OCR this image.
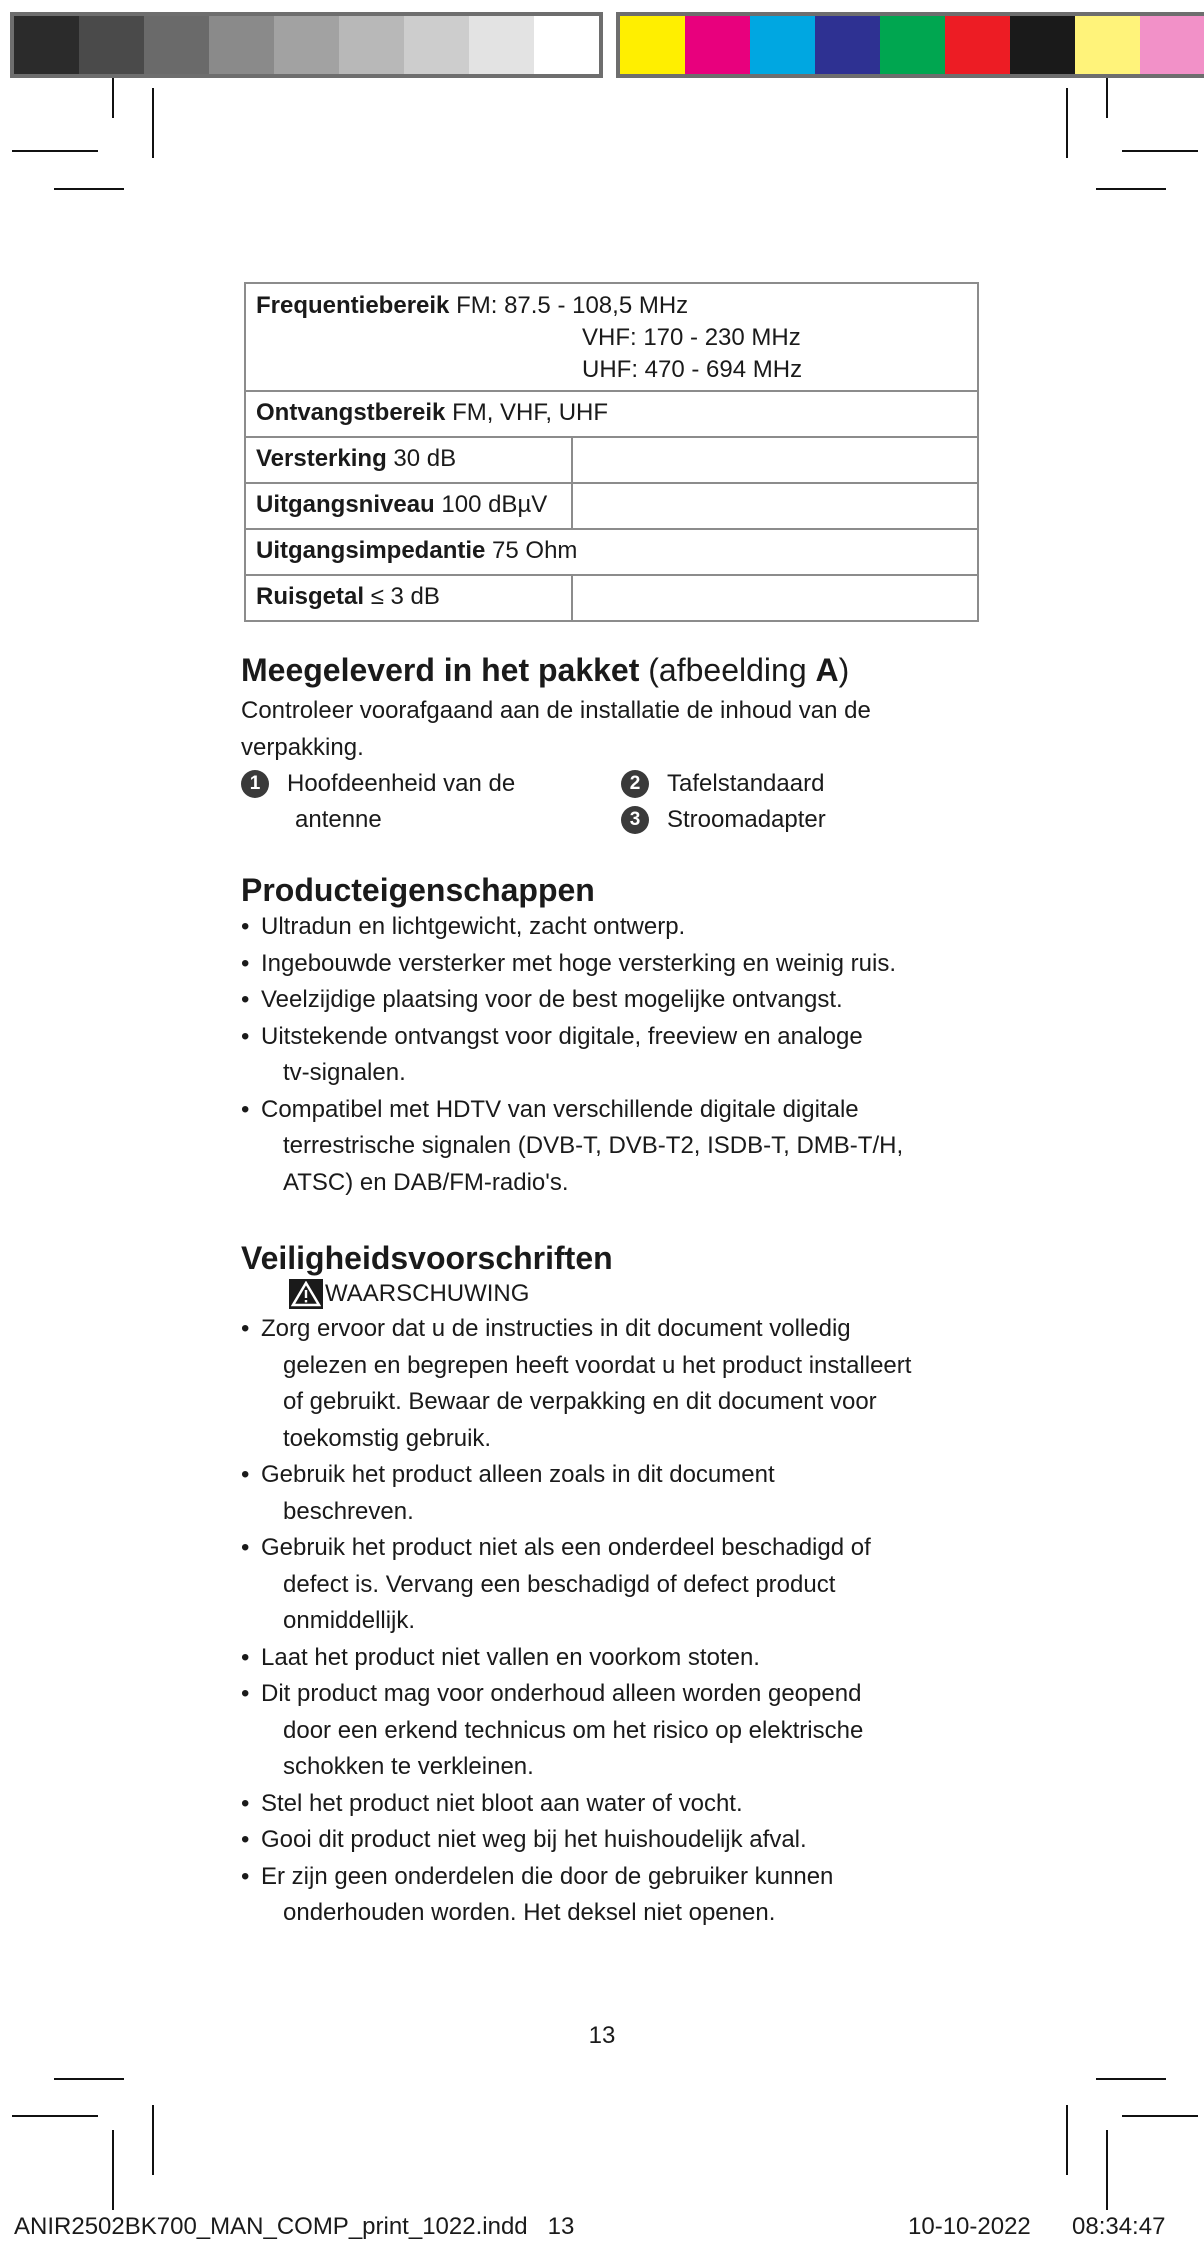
Frequentiebereik FM: 87.5 - 108,5 MHz
VHF: 170 - 230 MHz
UHF: 470 - 694 MHz	

Ontvangstbereik FM, VHF, UHF	
Versterking 30 dB	
Uitgangsniveau 100 dBµV	
Uitgangsimpedantie 75 Ohm	
Ruisgetal ≤ 3 dB	
Meegeleverd in het pakket (afbeelding A)

Controleer voorafgaand aan de installatie de inhoud van de verpakking.

1	Hoofdeenheid van de
antenne
2	Tafelstandaard
3	Stroomadapter
Producteigenschappen
• Ultradun en lichtgewicht, zacht ontwerp.
• Ingebouwde versterker met hoge versterking en weinig ruis.
• Veelzijdige plaatsing voor de best mogelijke ontvangst.
• Uitstekende ontvangst voor digitale, freeview en analoge
tv-signalen.
• Compatibel met HDTV van verschillende digitale digitale
terrestrische signalen (DVB-T, DVB-T2, ISDB-T, DMB-T/H,
ATSC) en DAB/FM-radio's.
Veiligheidsvoorschriften
WAARSCHUWING
• Zorg ervoor dat u de instructies in dit document volledig
gelezen en begrepen heeft voordat u het product installeert
of gebruikt. Bewaar de verpakking en dit document voor
toekomstig gebruik.
• Gebruik het product alleen zoals in dit document
beschreven.
• Gebruik het product niet als een onderdeel beschadigd of
defect is. Vervang een beschadigd of defect product
onmiddellijk.
• Laat het product niet vallen en voorkom stoten.
• Dit product mag voor onderhoud alleen worden geopend
door een erkend technicus om het risico op elektrische
schokken te verkleinen.
• Stel het product niet bloot aan water of vocht.
• Gooi dit product niet weg bij het huishoudelijk afval.
• Er zijn geen onderdelen die door de gebruiker kunnen
onderhouden worden. Het deksel niet openen.
13
ANIR2502BK700_MAN_COMP_print_1022.indd   13	10-10-2022 08:34:47
